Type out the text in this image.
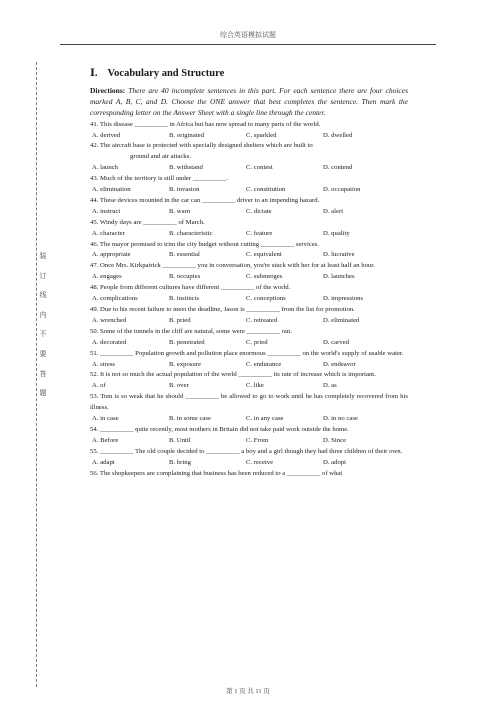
综合英语模拟试题
装
订
线
内
不
要
答
题
Ⅰ. Vocabulary and Structure
Directions: There are 40 incomplete sentences in this part. For each sentence there are four choices marked A, B, C, and D. Choose the ONE answer that best completes the sentence. Then mark the corresponding letter on the Answer Sheet with a single line through the center.
41. This disease __________ in Africa but has now spread to many parts of the world.
A. derived	B. originated	C. sparkled	D. dwelled
42. The aircraft base is protected with specially designed shelters which are built to
ground and air attacks.
A. launch	B. withstand	C. contest	D. contend
43. Much of the territory is still under __________.
A. elimination	B. invasion	C. constitution	D. occupation
44. These devices mounted in the car can __________ driver to an impending hazard.
A. instruct	B. warn	C. dictate	D. alert
45. Windy days are __________ of March.
A. character	B. characteristic	C. feature	D. quality
46. The mayor promised to trim the city budget without cutting __________ services.
A. appropriate	B. essential	C. equivalent	D. lucrative
47. Once Mrs. Kirkpatrick __________ you in conversation, you're stuck with her for at least half an hour.
A. engages	B. occupies	C. submerges	D. launches
48. People from different cultures have different __________ of the world.
A. complications	B. instincts	C. conceptions	D. impressions
49. Due to his recent failure to meet the deadline, Jason is __________ from the list for promotion.
A. wrenched	B. pried	C. retreated	D. eliminated
50. Some of the tunnels in the cliff are natural, some were __________ out.
A. decorated	B. penetrated	C. pried	D. carved
51. __________ Population growth and pollution place enormous __________ on the world's supply of usable water.
A. stress	B. exposure	C. endurance	D. endeavor
52. It is not so much the actual population of the world __________ its rate of increase which is important.
A. of	B. over	C. like	D. as
53. Tom is so weak that he should __________ be allowed to go to work until he has completely recovered from his illness.
A. in case	B. in some case	C. in any case	D. in no case
54. __________ quite recently, most mothers in Britain did not take paid work outside the home.
A. Before	B. Until	C. From	D. Since
55. __________ The old couple decided to __________ a boy and a girl though they had three children of their own.
A. adapt	B. bring	C. receive	D. adopt
56. The shopkeepers are complaining that business has been reduced to a __________ of what
第 1 页 共 11 页
